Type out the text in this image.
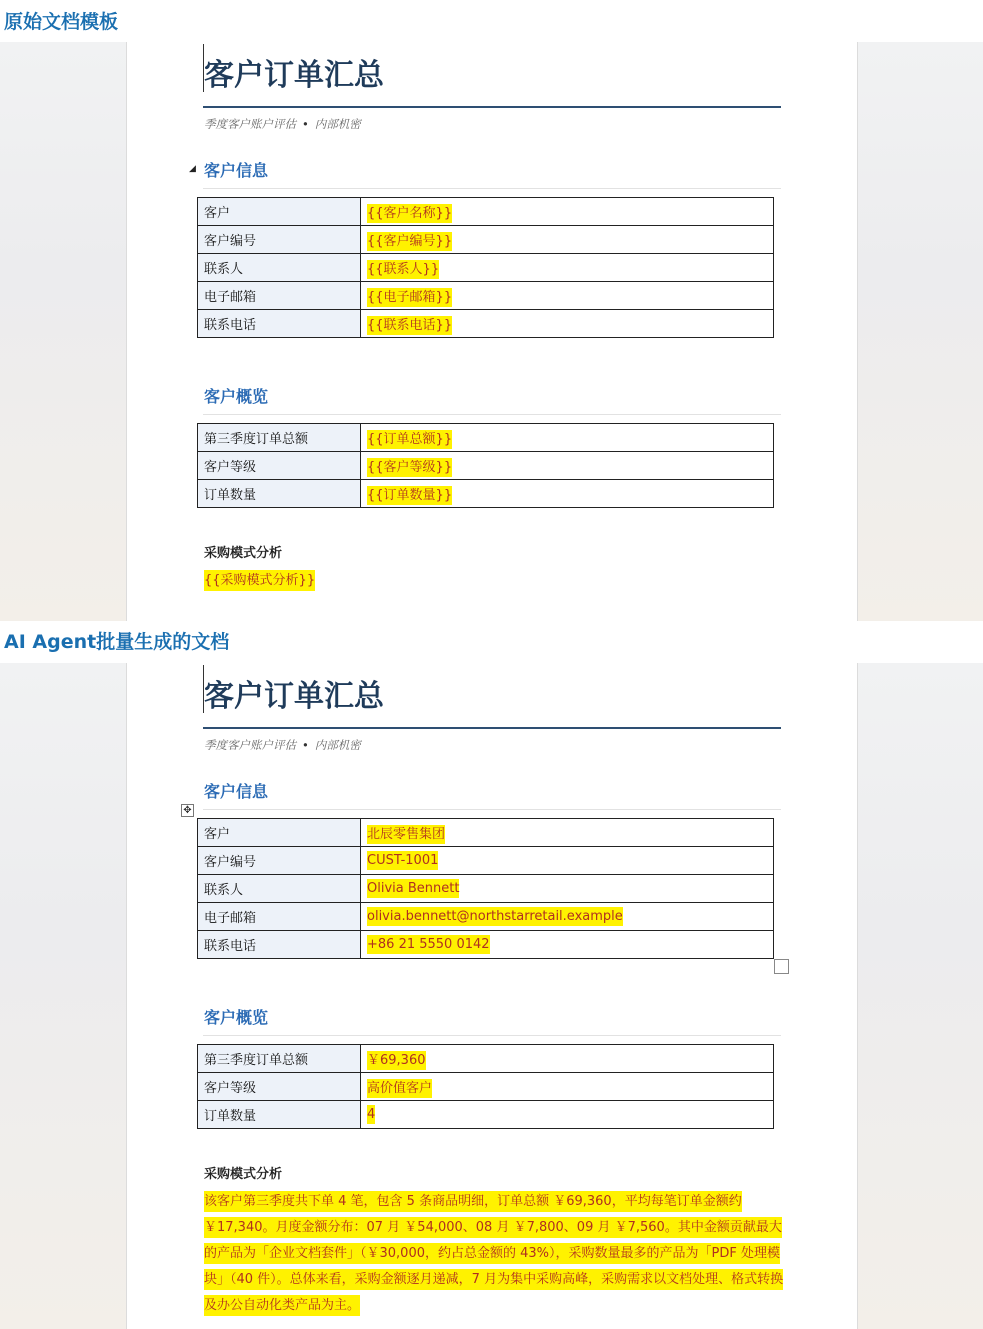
原始文档模板
客户订单汇总
季度客户账户评估 • 内部机密
◢ 客户信息
客户	{{客户名称}}
客户编号	{{客户编号}}
联系人	{{联系人}}
电子邮箱	{{电子邮箱}}
联系电话	{{联系电话}}
客户概览
第三季度订单总额	{{订单总额}}
客户等级	{{客户等级}}
订单数量	{{订单数量}}
采购模式分析
{{采购模式分析}}
AI Agent批量生成的文档
客户订单汇总
季度客户账户评估 • 内部机密
客户信息
✥
客户	北辰零售集团
客户编号	CUST-1001
联系人	Olivia Bennett
电子邮箱	olivia.bennett@northstarretail.example
联系电话	+86 21 5550 0142
客户概览
第三季度订单总额	￥69,360
客户等级	高价值客户
订单数量	4
采购模式分析
该客户第三季度共下单 4 笔，包含 5 条商品明细，订单总额 ￥69,360，平均每笔订单金额约 ￥17,340。月度金额分布：07 月 ￥54,000、08 月 ￥7,800、09 月 ￥7,560。其中金额贡献最大的产品为「企业文档套件」（￥30,000，约占总金额的 43%），采购数量最多的产品为「PDF 处理模块」（40 件）。总体来看，采购金额逐月递减，7 月为集中采购高峰，采购需求以文档处理、格式转换及办公自动化类产品为主。
